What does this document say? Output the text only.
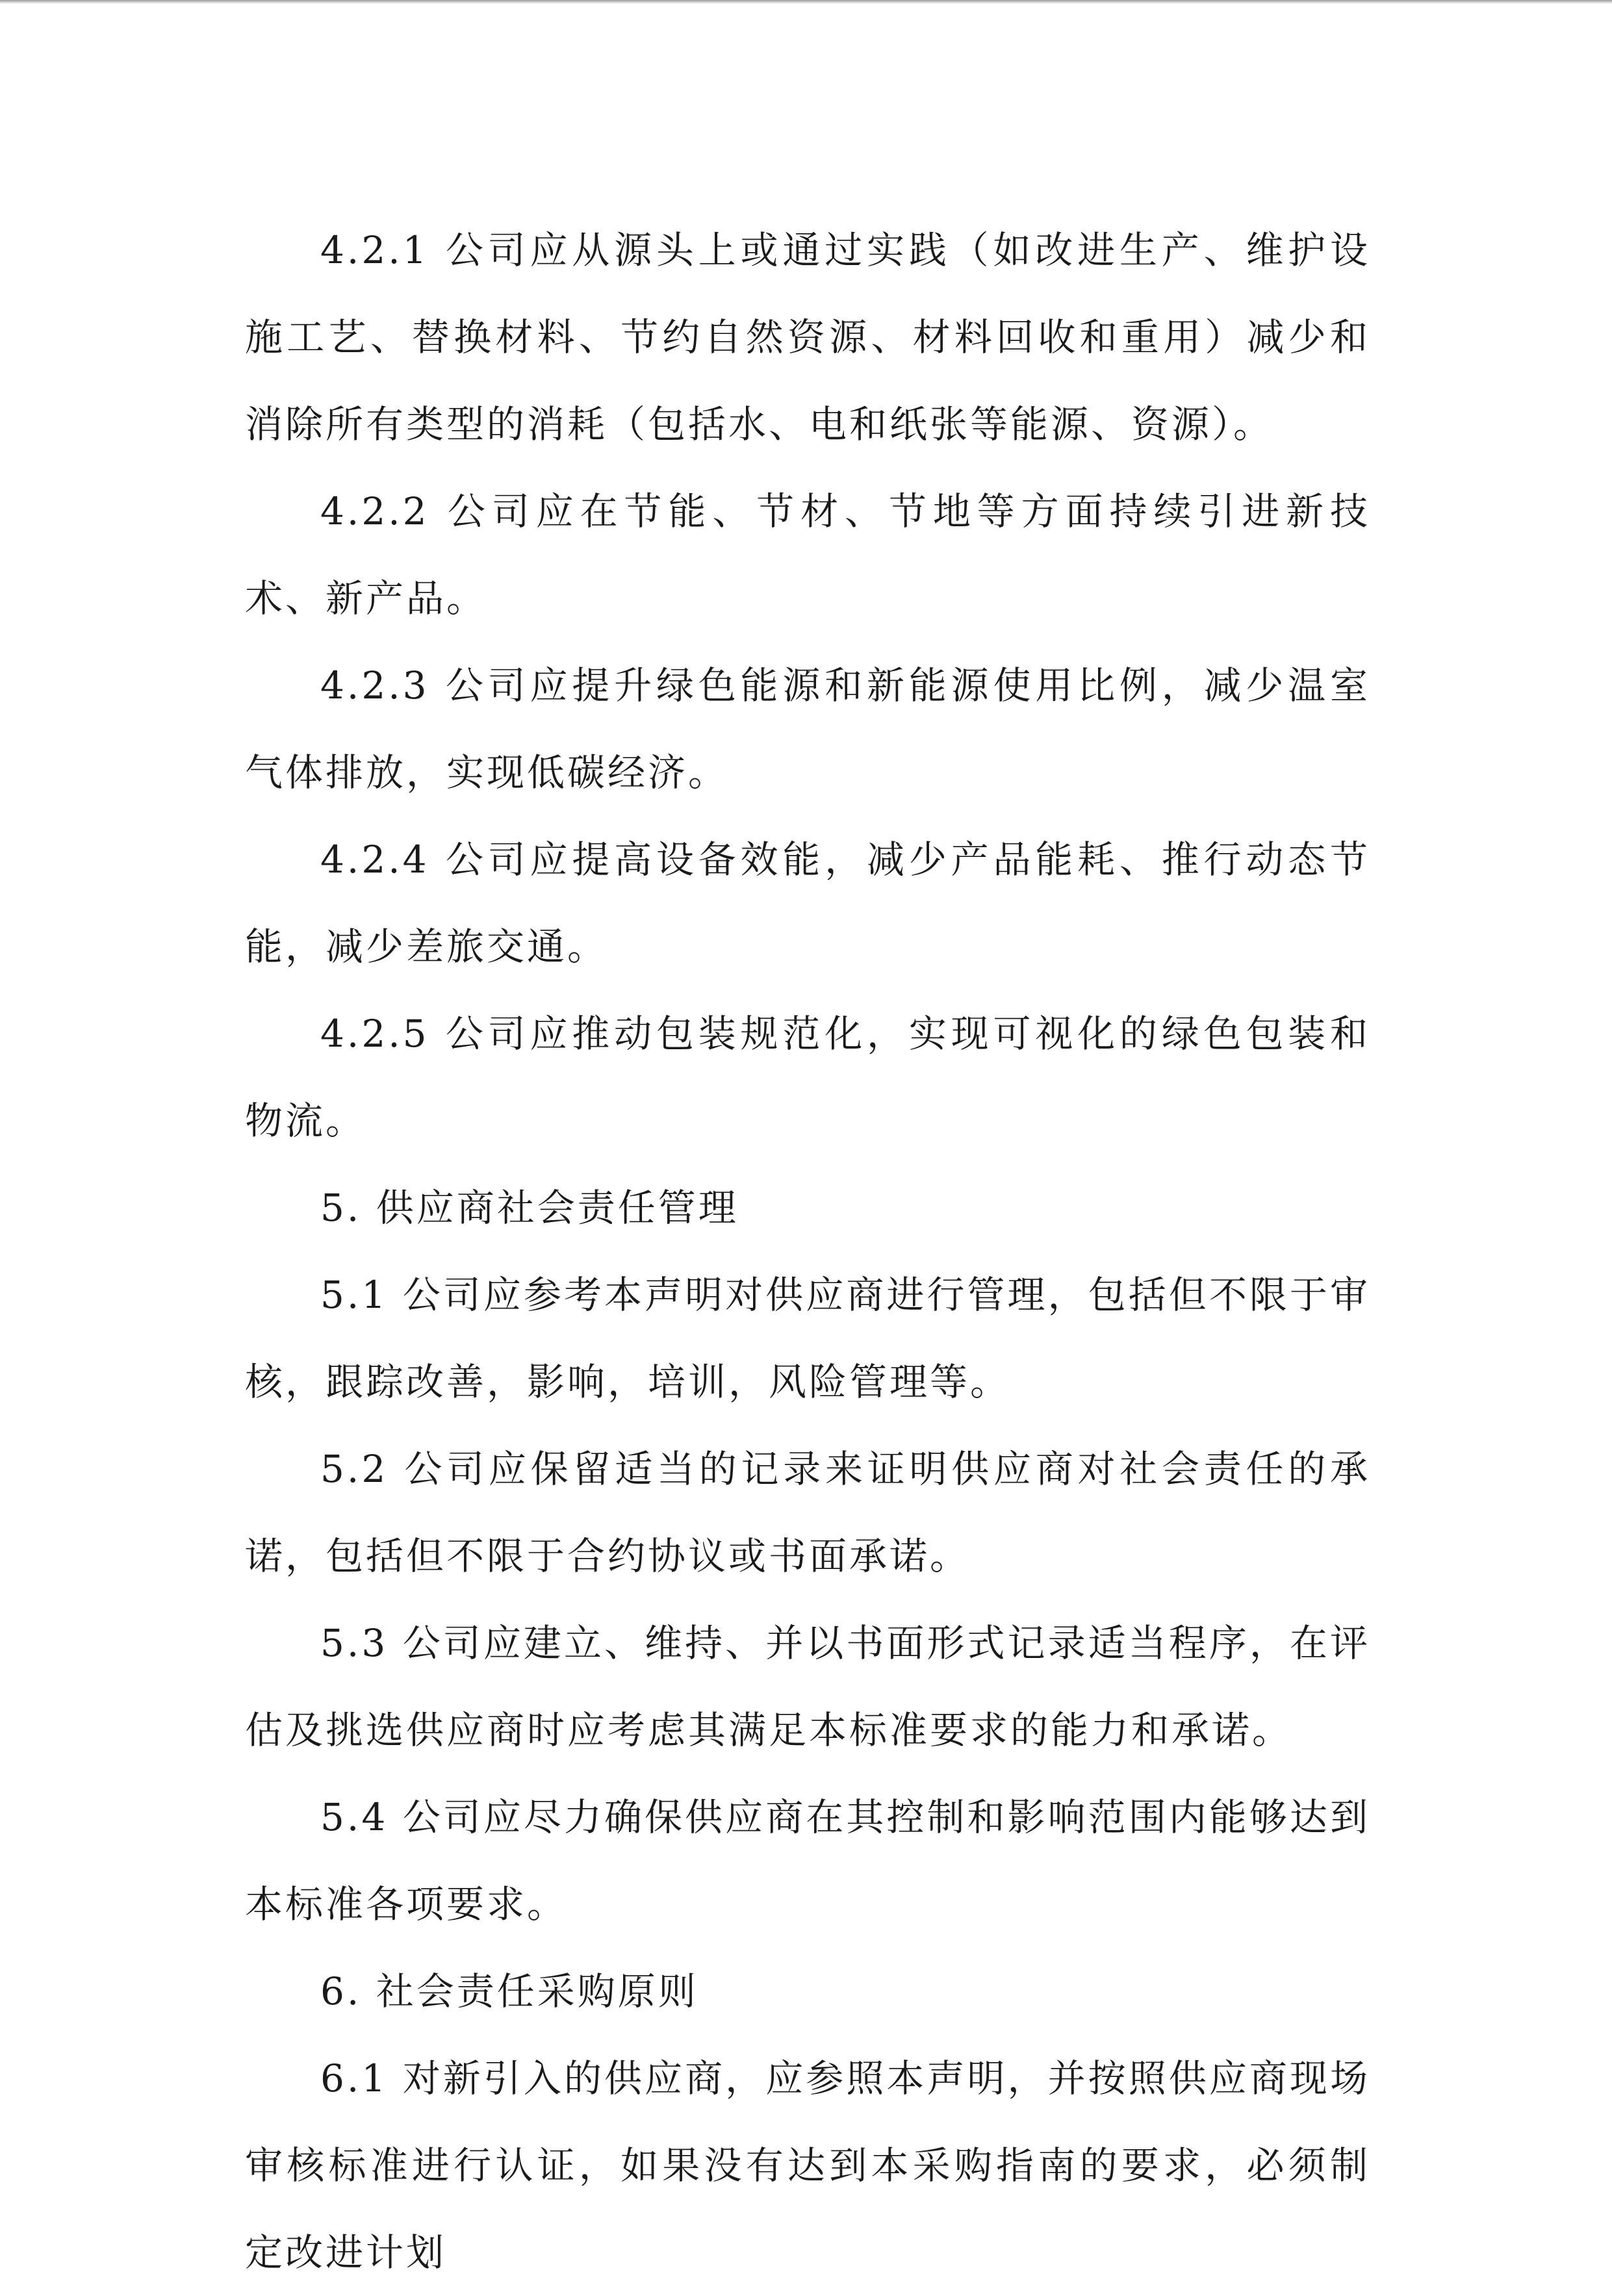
4.2.1 公司应从源头上或通过实践（如改进生产、维护设施工艺、替换材料、节约自然资源、材料回收和重用）减少和消除所有类型的消耗（包括水、电和纸张等能源、资源）。

4.2.2 公司应在节能、节材、节地等方面持续引进新技术、新产品。

4.2.3 公司应提升绿色能源和新能源使用比例，减少温室气体排放，实现低碳经济。

4.2.4 公司应提高设备效能，减少产品能耗、推行动态节能，减少差旅交通。

4.2.5 公司应推动包装规范化，实现可视化的绿色包装和物流。

5. 供应商社会责任管理

5.1 公司应参考本声明对供应商进行管理，包括但不限于审核，跟踪改善，影响，培训，风险管理等。

5.2 公司应保留适当的记录来证明供应商对社会责任的承诺，包括但不限于合约协议或书面承诺。

5.3 公司应建立、维持、并以书面形式记录适当程序，在评估及挑选供应商时应考虑其满足本标准要求的能力和承诺。

5.4 公司应尽力确保供应商在其控制和影响范围内能够达到本标准各项要求。

6. 社会责任采购原则

6.1 对新引入的供应商，应参照本声明，并按照供应商现场审核标准进行认证，如果没有达到本采购指南的要求，必须制定改进计划
